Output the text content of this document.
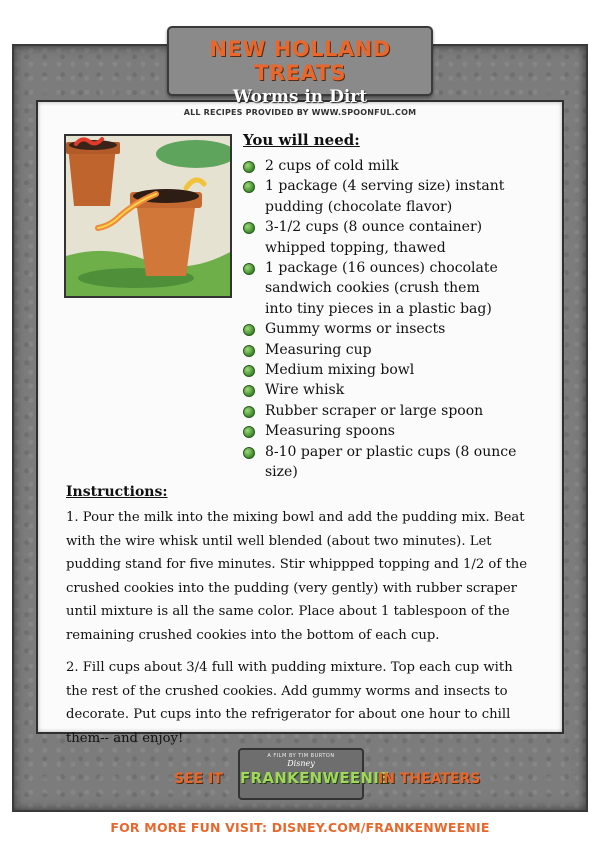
NEW HOLLAND TREATS
Worms in Dirt
ALL RECIPES PROVIDED BY WWW.SPOONFUL.COM
You will need:
2 cups of cold milk
1 package (4 serving size) instant
pudding (chocolate flavor)
3-1/2 cups (8 ounce container)
whipped topping, thawed
1 package (16 ounces) chocolate
sandwich cookies (crush them
into tiny pieces in a plastic bag)
Gummy worms or insects
Measuring cup
Medium mixing bowl
Wire whisk
Rubber scraper or large spoon
Measuring spoons
8-10 paper or plastic cups (8 ounce size)
Instructions:

1. Pour the milk into the mixing bowl and add the pudding mix. Beat with the wire whisk until well blended (about two minutes). Let pudding stand for five minutes. Stir whippped topping and 1/2 of the crushed cookies into the pudding (very gently) with rubber scraper until mixture is all the same color. Place about 1 tablespoon of the remaining crushed cookies into the bottom of each cup.

2. Fill cups about 3/4 full with pudding mixture. Top each cup with the rest of the crushed cookies. Add gummy worms and insects to decorate. Put cups into the refrigerator for about one hour to chill them-- and enjoy!

SEE IT
A FILM BY TIM BURTON
Disney
FRANKENWEENIE
IN THEATERS	© 2012 Disney
FOR MORE FUN VISIT: DISNEY.COM/FRANKENWEENIE
